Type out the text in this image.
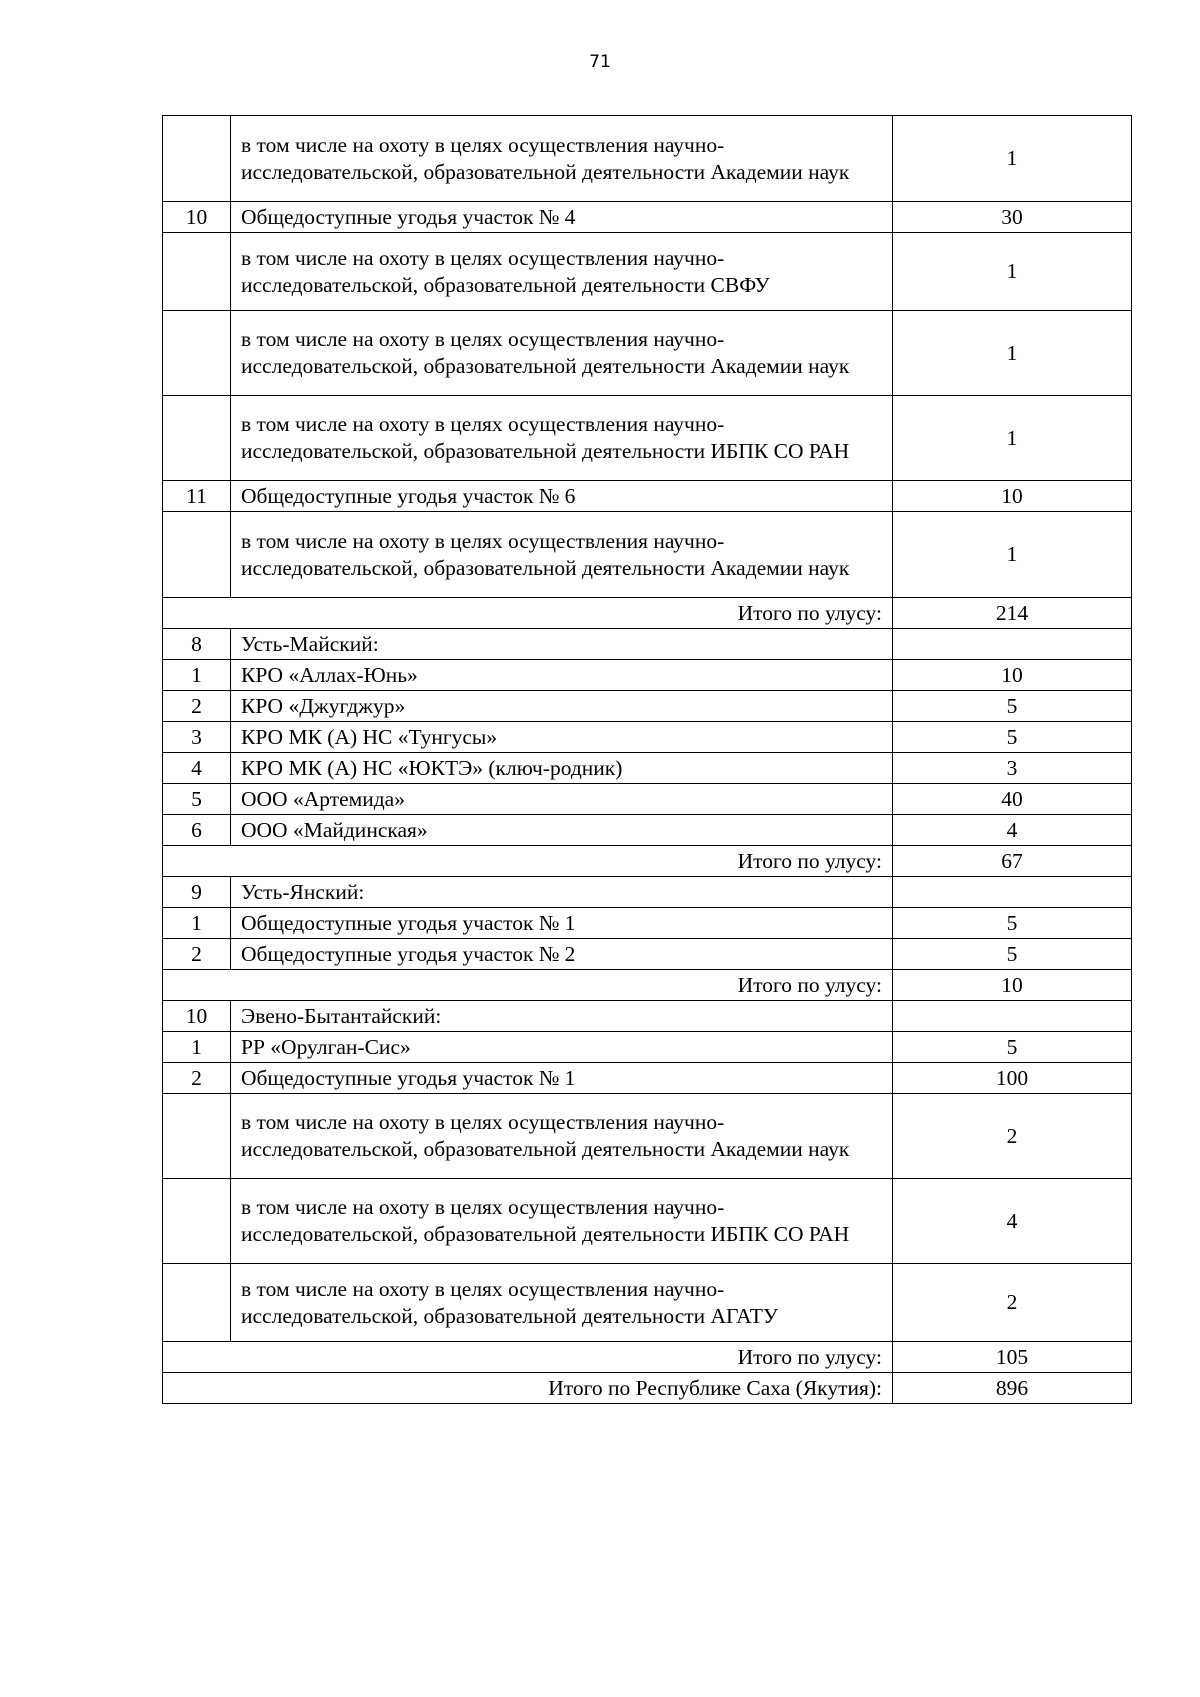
71
	в том числе на охоту в целях осуществления научно-исследовательской, образовательной деятельности Академии наук	1
10	Общедоступные угодья участок № 4	30
	в том числе на охоту в целях осуществления научно-исследовательской, образовательной деятельности СВФУ	1
	в том числе на охоту в целях осуществления научно-исследовательской, образовательной деятельности Академии наук	1
	в том числе на охоту в целях осуществления научно-исследовательской, образовательной деятельности ИБПК СО РАН	1
11	Общедоступные угодья участок № 6	10
	в том числе на охоту в целях осуществления научно-исследовательской, образовательной деятельности Академии наук	1
Итого по улусу:		214
8	Усть-Майский:	
1	КРО «Аллах-Юнь»	10
2	КРО «Джугджур»	5
3	КРО МК (А) НС «Тунгусы»	5
4	КРО МК (А) НС «ЮКТЭ» (ключ-родник)	3
5	ООО «Артемида»	40
6	ООО «Майдинская»	4
Итого по улусу:		67
9	Усть-Янский:	
1	Общедоступные угодья участок № 1	5
2	Общедоступные угодья участок № 2	5
Итого по улусу:		10
10	Эвено-Бытантайский:	
1	РР «Орулган-Сис»	5
2	Общедоступные угодья участок № 1	100
	в том числе на охоту в целях осуществления научно-исследовательской, образовательной деятельности Академии наук	2
	в том числе на охоту в целях осуществления научно-исследовательской, образовательной деятельности ИБПК СО РАН	4
	в том числе на охоту в целях осуществления научно-исследовательской, образовательной деятельности АГАТУ	2
Итого по улусу:		105
Итого по Республике Саха (Якутия):		896
